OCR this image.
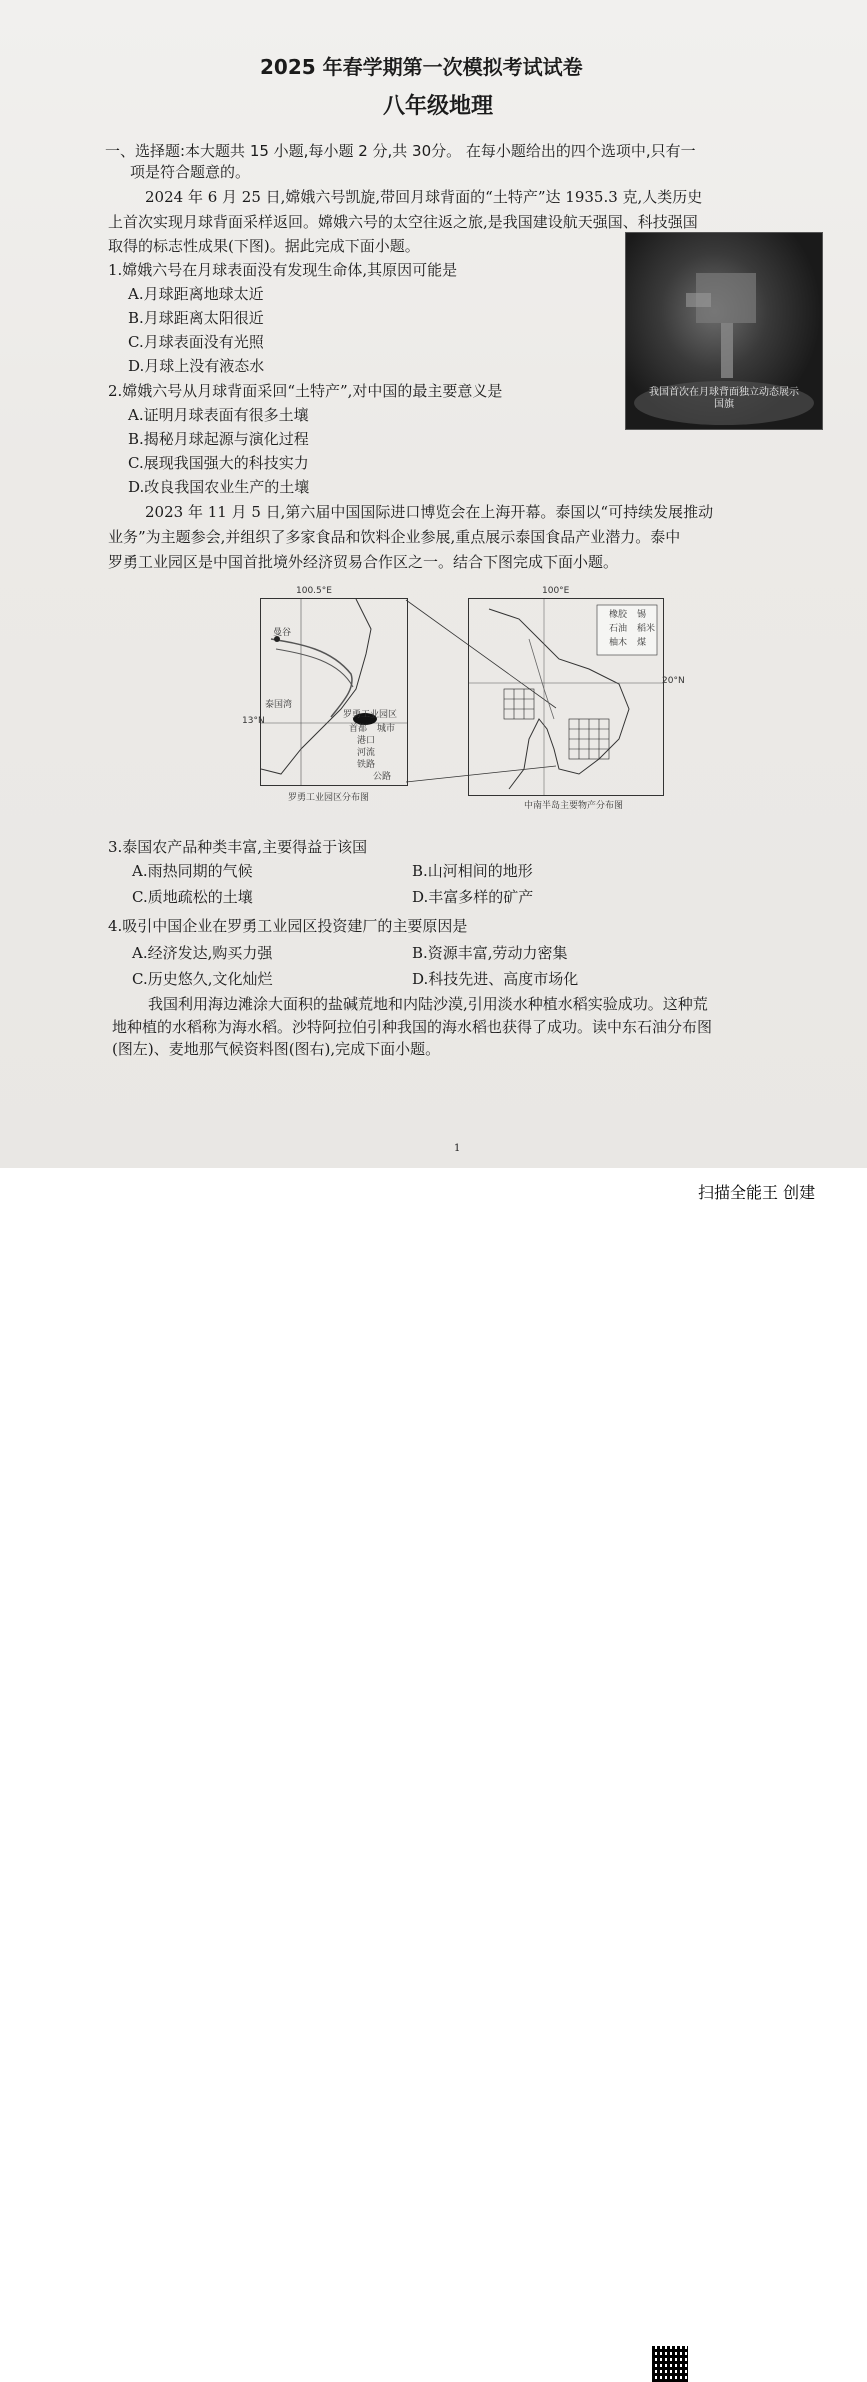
2025 年春学期第一次模拟考试试卷
八年级地理
一、选择题:本大题共 15 小题,每小题 2 分,共 30分。 在每小题给出的四个选项中,只有一
项是符合题意的。
2024 年 6 月 25 日,嫦娥六号凯旋,带回月球背面的“土特产”达 1935.3 克,人类历史
上首次实现月球背面采样返回。嫦娥六号的太空往返之旅,是我国建设航天强国、科技强国
取得的标志性成果(下图)。据此完成下面小题。
我国首次在月球背面独立动态展示国旗
1.嫦娥六号在月球表面没有发现生命体,其原因可能是
A.月球距离地球太近
B.月球距离太阳很近
C.月球表面没有光照
D.月球上没有液态水
2.嫦娥六号从月球背面采回“土特产”,对中国的最主要意义是
A.证明月球表面有很多土壤
B.揭秘月球起源与演化过程
C.展现我国强大的科技实力
D.改良我国农业生产的土壤
2023 年 11 月 5 日,第六届中国国际进口博览会在上海开幕。泰国以“可持续发展推动
业务”为主题参会,并组织了多家食品和饮料企业参展,重点展示泰国食品产业潜力。泰中
罗勇工业园区是中国首批境外经济贸易合作区之一。结合下图完成下面小题。
100.5°E
曼谷
罗勇工业园区
泰国湾
首都 城市
港口
河流
铁路
公路
13°N
罗勇工业园区分布图
100°E
橡胶 锡
石油 稻米
柚木 煤
20°N
中南半岛主要物产分布图
3.泰国农产品种类丰富,主要得益于该国
A.雨热同期的气候	B.山河相间的地形
C.质地疏松的土壤	D.丰富多样的矿产
4.吸引中国企业在罗勇工业园区投资建厂的主要原因是
A.经济发达,购买力强	B.资源丰富,劳动力密集
C.历史悠久,文化灿烂	D.科技先进、高度市场化
我国利用海边滩涂大面积的盐碱荒地和内陆沙漠,引用淡水种植水稻实验成功。这种荒
地种植的水稻称为海水稻。沙特阿拉伯引种我国的海水稻也获得了成功。读中东石油分布图
(图左)、麦地那气候资料图(图右),完成下面小题。
1
扫描全能王 创建
